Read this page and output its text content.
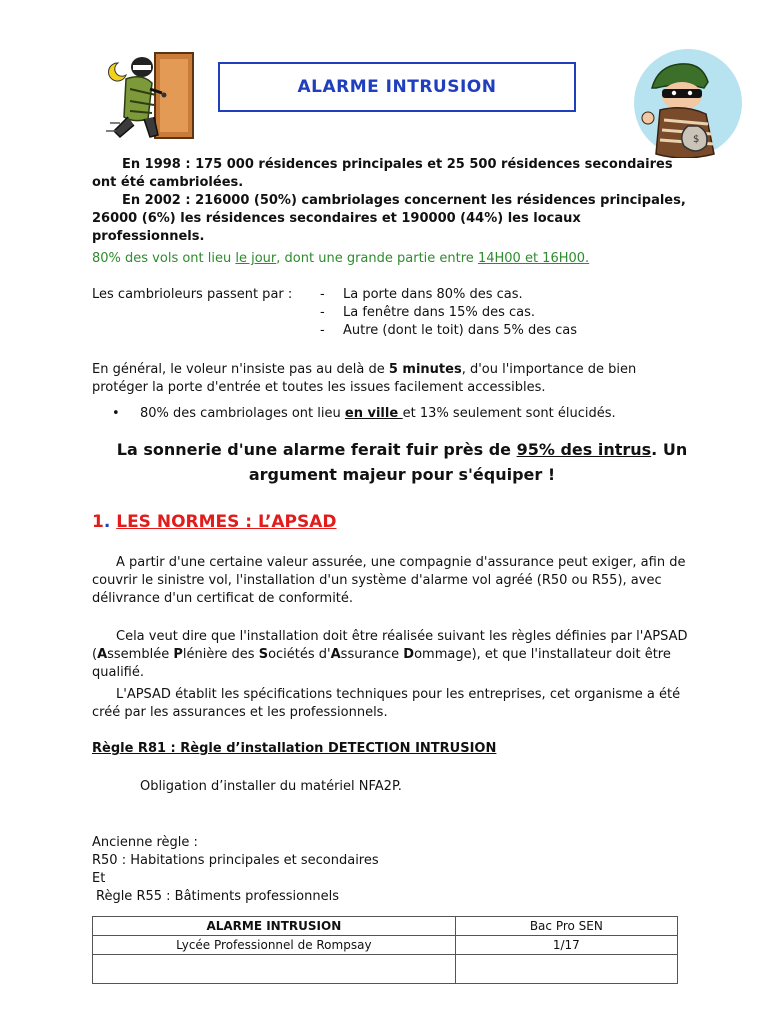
$
ALARME INTRUSION
En 1998 : 175 000 résidences principales et 25 500 résidences secondaires ont été cambriolées.
En 2002 : 216000 (50%) cambriolages concernent les résidences principales, 26000 (6%) les résidences secondaires et 190000 (44%) les locaux professionnels.
80% des vols ont lieu le jour, dont une grande partie entre 14H00 et 16H00.
Les cambrioleurs passent par : - La porte dans 80% des cas.
- La fenêtre dans 15% des cas.
- Autre (dont le toit) dans 5% des cas
En général, le voleur n'insiste pas au delà de 5 minutes, d'ou l'importance de bien protéger la porte d'entrée et toutes les issues facilement accessibles.
• 80% des cambriolages ont lieu en ville et 13% seulement sont élucidés.
La sonnerie d'une alarme ferait fuir près de 95% des intrus. Un argument majeur pour s'équiper !
1. LES NORMES : L’APSAD
A partir d'une certaine valeur assurée, une compagnie d'assurance peut exiger, afin de couvrir le sinistre vol, l'installation d'un système d'alarme vol agréé (R50 ou R55), avec délivrance d'un certificat de conformité.
Cela veut dire que l'installation doit être réalisée suivant les règles définies par l'APSAD (Assemblée Plénière des Sociétés d'Assurance Dommage), et que l'installateur doit être qualifié.
L'APSAD établit les spécifications techniques pour les entreprises, cet organisme a été créé par les assurances et les professionnels.
Règle R81 : Règle d’installation DETECTION INTRUSION
Obligation d’installer du matériel NFA2P.
Ancienne règle :
R50 : Habitations principales et secondaires
Et
Règle R55 : Bâtiments professionnels
ALARME INTRUSION	Bac Pro SEN
Lycée Professionnel de Rompsay	1/17
